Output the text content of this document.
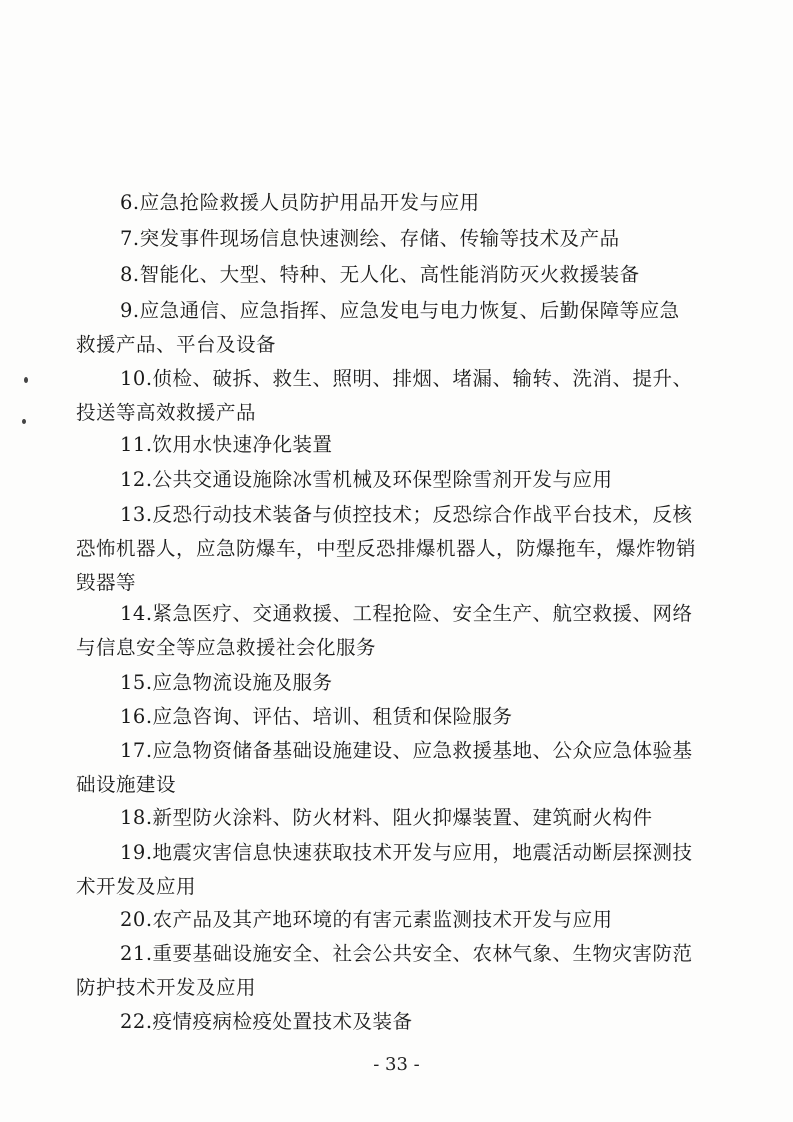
6.应急抢险救援人员防护用品开发与应用
7.突发事件现场信息快速测绘、存储、传输等技术及产品
8.智能化、大型、特种、无人化、高性能消防灭火救援装备
9.应急通信、应急指挥、应急发电与电力恢复、后勤保障等应急救援产品、平台及设备
10.侦检、破拆、救生、照明、排烟、堵漏、输转、洗消、提升、投送等高效救援产品
11.饮用水快速净化装置
12.公共交通设施除冰雪机械及环保型除雪剂开发与应用
13.反恐行动技术装备与侦控技术；反恐综合作战平台技术，反核恐怖机器人，应急防爆车，中型反恐排爆机器人，防爆拖车，爆炸物销毁器等
14.紧急医疗、交通救援、工程抢险、安全生产、航空救援、网络与信息安全等应急救援社会化服务
15.应急物流设施及服务
16.应急咨询、评估、培训、租赁和保险服务
17.应急物资储备基础设施建设、应急救援基地、公众应急体验基础设施建设
18.新型防火涂料、防火材料、阻火抑爆装置、建筑耐火构件
19.地震灾害信息快速获取技术开发与应用，地震活动断层探测技术开发及应用
20.农产品及其产地环境的有害元素监测技术开发与应用
21.重要基础设施安全、社会公共安全、农林气象、生物灾害防范防护技术开发及应用
22.疫情疫病检疫处置技术及装备
- 33 -
